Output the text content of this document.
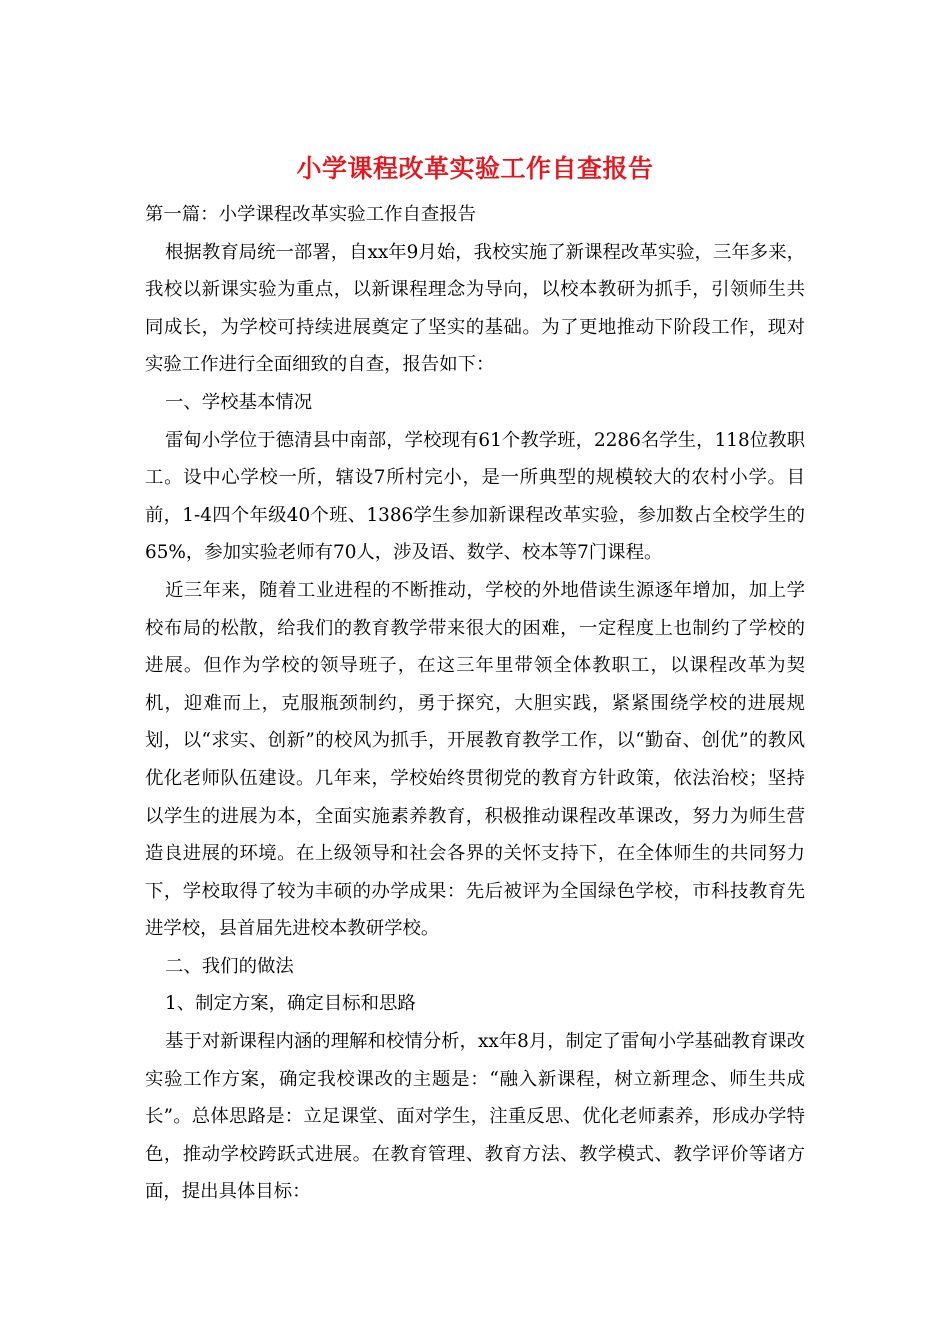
小学课程改革实验工作自查报告

第一篇：小学课程改革实验工作自查报告

根据教育局统一部署，自xx年9月始，我校实施了新课程改革实验，三年多来，我校以新课实验为重点，以新课程理念为导向，以校本教研为抓手，引领师生共同成长，为学校可持续进展奠定了坚实的基础。为了更地推动下阶段工作，现对实验工作进行全面细致的自查，报告如下：

一、学校基本情况

雷甸小学位于德清县中南部，学校现有61个教学班，2286名学生，118位教职工。设中心学校一所，辖设7所村完小，是一所典型的规模较大的农村小学。目前，1-4四个年级40个班、1386学生参加新课程改革实验，参加数占全校学生的65%，参加实验老师有70人，涉及语、数学、校本等7门课程。

近三年来，随着工业进程的不断推动，学校的外地借读生源逐年增加，加上学校布局的松散，给我们的教育教学带来很大的困难，一定程度上也制约了学校的进展。但作为学校的领导班子，在这三年里带领全体教职工，以课程改革为契机，迎难而上，克服瓶颈制约，勇于探究，大胆实践，紧紧围绕学校的进展规划，以“求实、创新”的校风为抓手，开展教育教学工作，以“勤奋、创优”的教风优化老师队伍建设。几年来，学校始终贯彻党的教育方针政策，依法治校；坚持以学生的进展为本，全面实施素养教育，积极推动课程改革课改，努力为师生营造良进展的环境。在上级领导和社会各界的关怀支持下，在全体师生的共同努力下，学校取得了较为丰硕的办学成果：先后被评为全国绿色学校，市科技教育先进学校，县首届先进校本教研学校。

二、我们的做法

1、制定方案，确定目标和思路

基于对新课程内涵的理解和校情分析，xx年8月，制定了雷甸小学基础教育课改实验工作方案，确定我校课改的主题是：“融入新课程，树立新理念、师生共成长”。总体思路是：立足课堂、面对学生，注重反思、优化老师素养，形成办学特色，推动学校跨跃式进展。在教育管理、教育方法、教学模式、教学评价等诸方面，提出具体目标：
